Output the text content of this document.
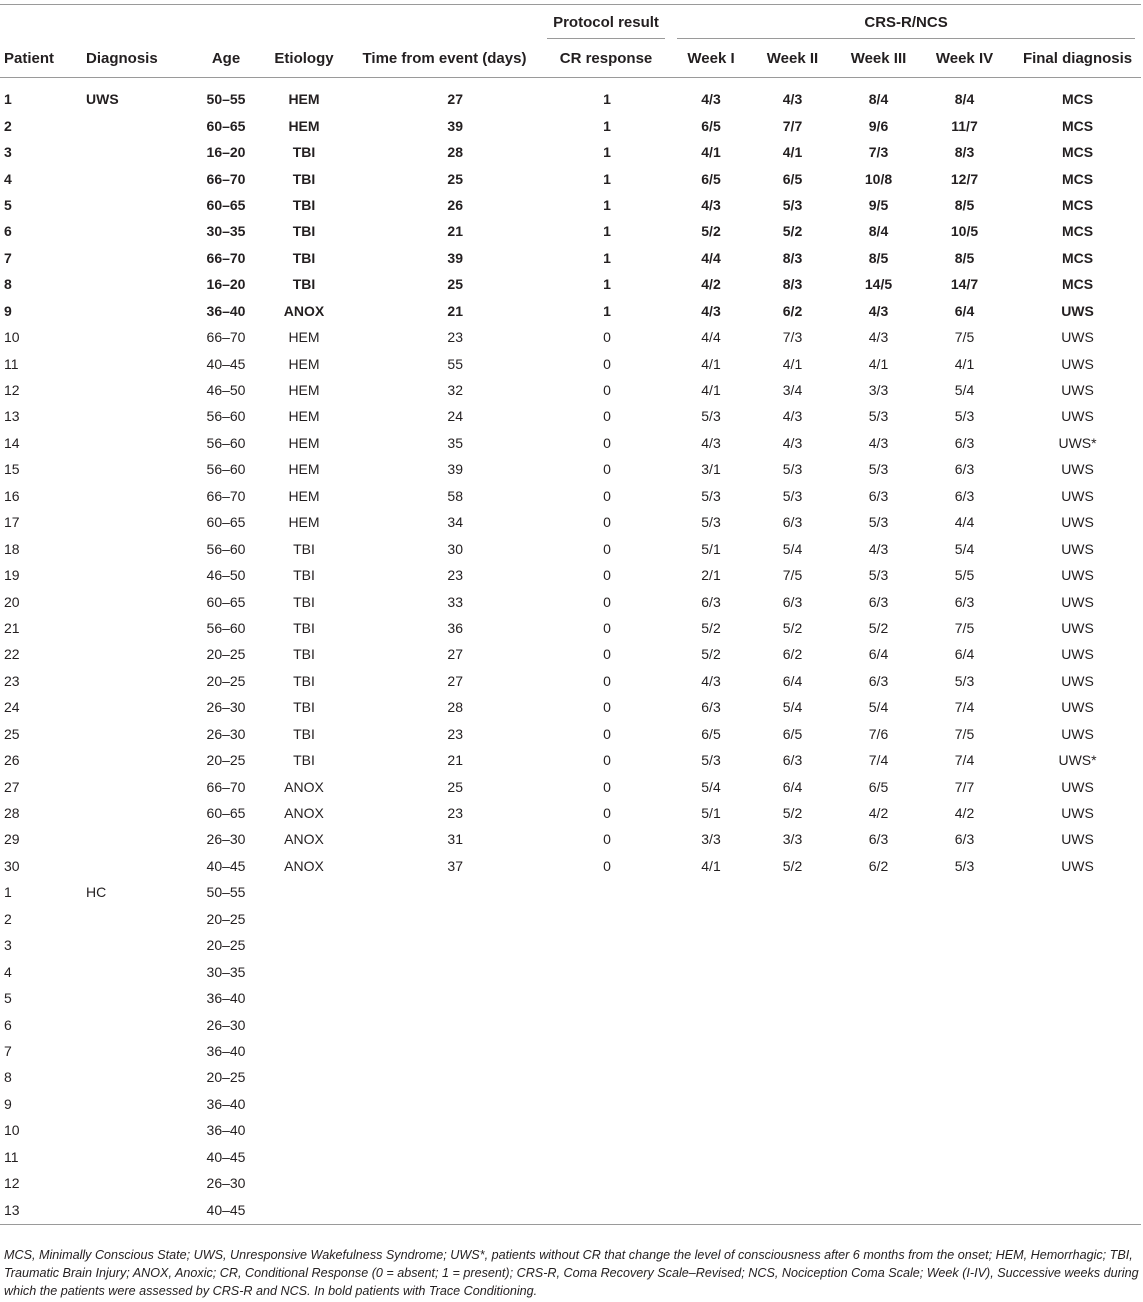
					Protocol result	CRS-R/NCS				

Patient	Diagnosis	Age	Etiology	Time from event (days)	CR response	Week I	Week II	Week III	Week IV	Final diagnosis
1	UWS	50–55	HEM	27	1	4/3	4/3	8/4	8/4	MCS
2		60–65	HEM	39	1	6/5	7/7	9/6	11/7	MCS
3		16–20	TBI	28	1	4/1	4/1	7/3	8/3	MCS
4		66–70	TBI	25	1	6/5	6/5	10/8	12/7	MCS
5		60–65	TBI	26	1	4/3	5/3	9/5	8/5	MCS
6		30–35	TBI	21	1	5/2	5/2	8/4	10/5	MCS
7		66–70	TBI	39	1	4/4	8/3	8/5	8/5	MCS
8		16–20	TBI	25	1	4/2	8/3	14/5	14/7	MCS
9		36–40	ANOX	21	1	4/3	6/2	4/3	6/4	UWS
10		66–70	HEM	23	0	4/4	7/3	4/3	7/5	UWS
11		40–45	HEM	55	0	4/1	4/1	4/1	4/1	UWS
12		46–50	HEM	32	0	4/1	3/4	3/3	5/4	UWS
13		56–60	HEM	24	0	5/3	4/3	5/3	5/3	UWS
14		56–60	HEM	35	0	4/3	4/3	4/3	6/3	UWS*
15		56–60	HEM	39	0	3/1	5/3	5/3	6/3	UWS
16		66–70	HEM	58	0	5/3	5/3	6/3	6/3	UWS
17		60–65	HEM	34	0	5/3	6/3	5/3	4/4	UWS
18		56–60	TBI	30	0	5/1	5/4	4/3	5/4	UWS
19		46–50	TBI	23	0	2/1	7/5	5/3	5/5	UWS
20		60–65	TBI	33	0	6/3	6/3	6/3	6/3	UWS
21		56–60	TBI	36	0	5/2	5/2	5/2	7/5	UWS
22		20–25	TBI	27	0	5/2	6/2	6/4	6/4	UWS
23		20–25	TBI	27	0	4/3	6/4	6/3	5/3	UWS
24		26–30	TBI	28	0	6/3	5/4	5/4	7/4	UWS
25		26–30	TBI	23	0	6/5	6/5	7/6	7/5	UWS
26		20–25	TBI	21	0	5/3	6/3	7/4	7/4	UWS*
27		66–70	ANOX	25	0	5/4	6/4	6/5	7/7	UWS
28		60–65	ANOX	23	0	5/1	5/2	4/2	4/2	UWS
29		26–30	ANOX	31	0	3/3	3/3	6/3	6/3	UWS
30		40–45	ANOX	37	0	4/1	5/2	6/2	5/3	UWS
1	HC	50–55								
2		20–25								
3		20–25								
4		30–35								
5		36–40								
6		26–30								
7		36–40								
8		20–25								
9		36–40								
10		36–40								
11		40–45								
12		26–30								
13		40–45								
MCS, Minimally Conscious State; UWS, Unresponsive Wakefulness Syndrome; UWS*, patients without CR that change the level of consciousness after 6 months from the onset; HEM, Hemorrhagic; TBI, Traumatic Brain Injury; ANOX, Anoxic; CR, Conditional Response (0 = absent; 1 = present); CRS-R, Coma Recovery Scale–Revised; NCS, Nociception Coma Scale; Week (I-IV), Successive weeks during which the patients were assessed by CRS-R and NCS. In bold patients with Trace Conditioning.
